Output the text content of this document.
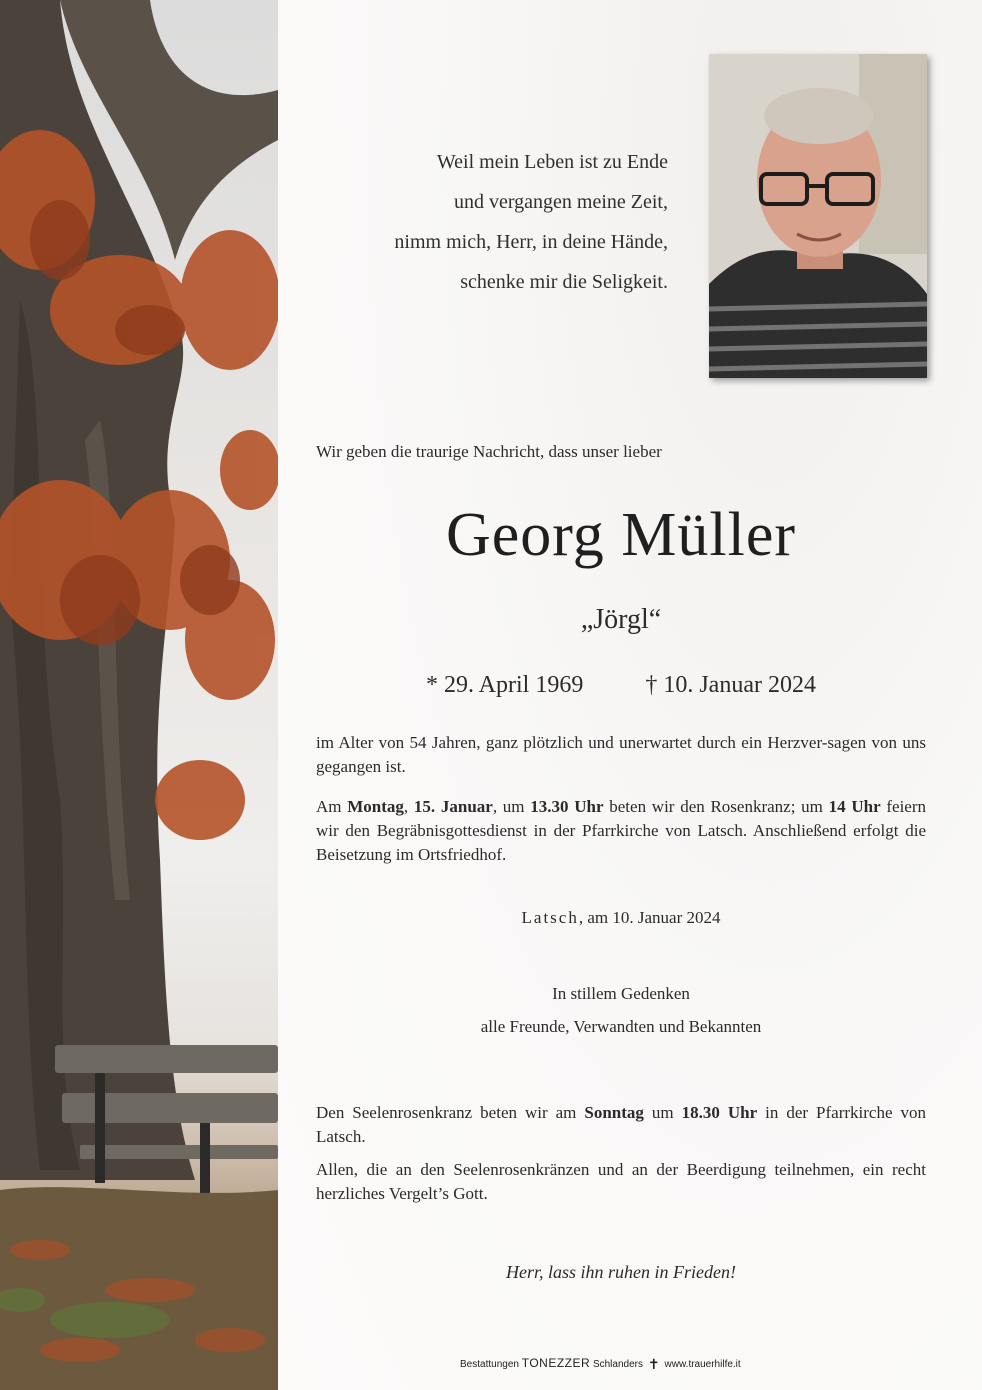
Weil mein Leben ist zu Ende
und vergangen meine Zeit,
nimm mich, Herr, in deine Hände,
schenke mir die Seligkeit.
Wir geben die traurige Nachricht, dass unser lieber
Georg Müller
„Jörgl“
* 29. April 1969	† 10. Januar 2024
im Alter von 54 Jahren, ganz plötzlich und unerwartet durch ein Herzver-sagen von uns gegangen ist.
Am Montag, 15. Januar, um 13.30 Uhr beten wir den Rosenkranz; um 14 Uhr feiern wir den Begräbnisgottesdienst in der Pfarrkirche von Latsch. Anschließend erfolgt die Beisetzung im Ortsfriedhof.
Latsch, am 10. Januar 2024
In stillem Gedenken
alle Freunde, Verwandten und Bekannten
Den Seelenrosenkranz beten wir am Sonntag um 18.30 Uhr in der Pfarrkirche von Latsch.
Allen, die an den Seelenrosenkränzen und an der Beerdigung teilnehmen, ein recht herzliches Vergelt’s Gott.
Herr, lass ihn ruhen in Frieden!
Bestattungen TONEZZER Schlanders ✝ www.trauerhilfe.it
